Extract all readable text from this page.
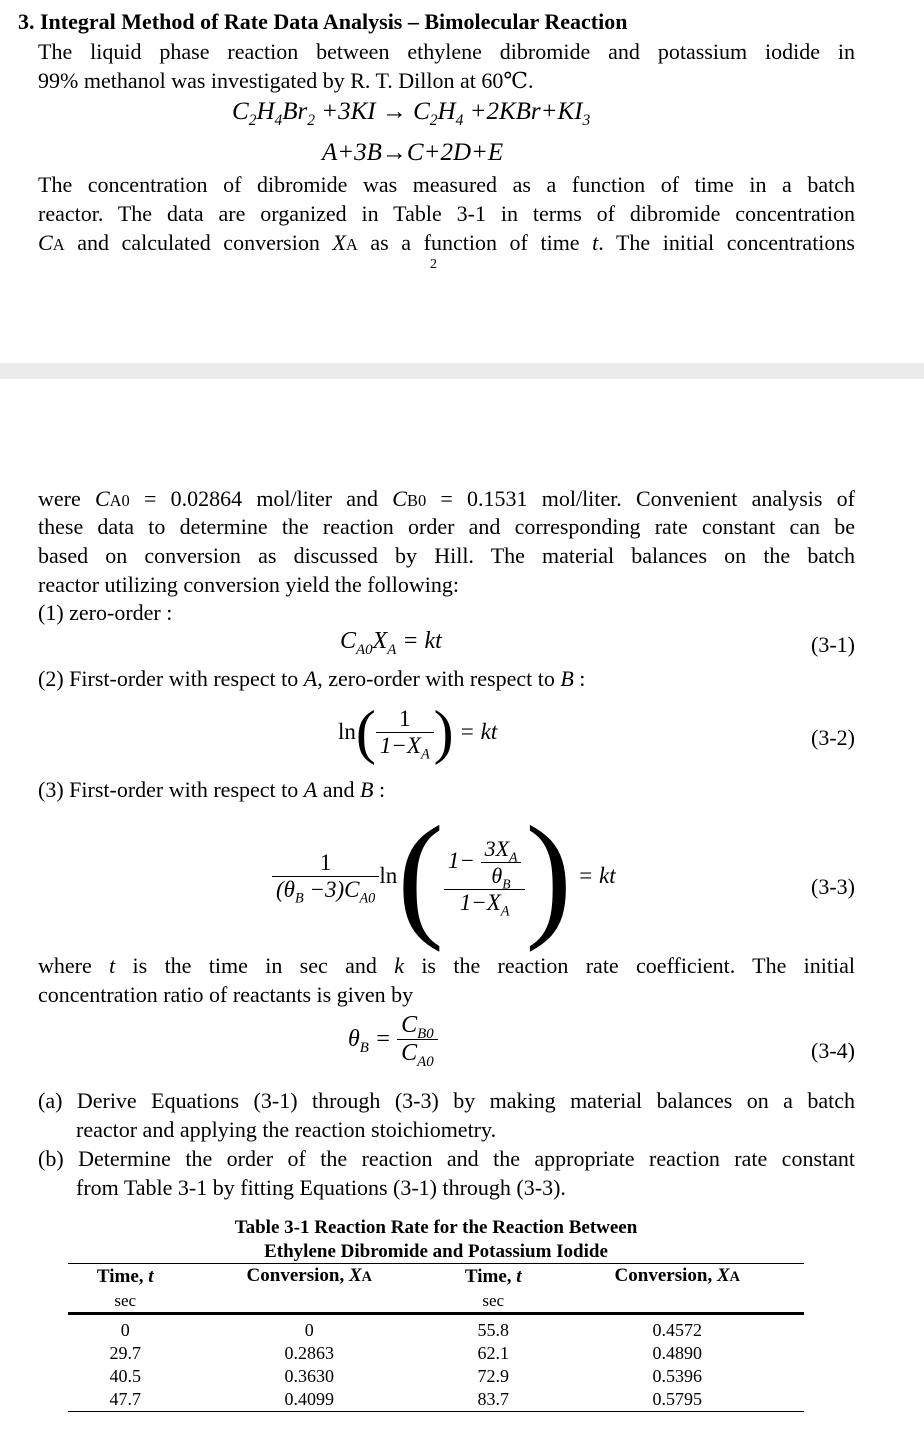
3. Integral Method of Rate Data Analysis – Bimolecular Reaction
The liquid phase reaction between ethylene dibromide and potassium iodide in
99% methanol was investigated by R. T. Dillon at 60℃.
$C_2H_4Br_2 +3KI \to C_2H_4 +2KBr+KI_3$
A+3B→C+2D+E
The concentration of dibromide was measured as a function of time in a batch
reactor. The data are organized in Table 3-1 in terms of dibromide concentration
CA and calculated conversion XA as a function of time t. The initial concentrations
2
were CA0 = 0.02864 mol/liter and CB0 = 0.1531 mol/liter. Convenient analysis of
these data to determine the reaction order and corresponding rate constant can be
based on conversion as discussed by Hill. The material balances on the batch
reactor utilizing conversion yield the following:
(1) zero-order :
$C_{A0}X_A$ = kt	(3-1)
(2) First-order with respect to A, zero-order with respect to B :
$\ln( \frac{1}{1-X_A}$ ) = kt	(3-2)
(3) First-order with respect to A and B :
$\frac{1}{(\theta_B -3)C_{A0}} \ln( \frac{1- \frac{3X_A}{\theta_B}}{1-X_A}$ ) = kt	(3-3)
where t is the time in sec and k is the reaction rate coefficient. The initial
concentration ratio of reactants is given by
$\theta_B = \frac{C_{B0}}{C_{A0}}$	(3-4)
(a) Derive Equations (3-1) through (3-3) by making material balances on a batch
reactor and applying the reaction stoichiometry.
(b) Determine the order of the reaction and the appropriate reaction rate constant
from Table 3-1 by fitting Equations (3-1) through (3-3).
Table 3-1 Reaction Rate for the Reaction Between
Ethylene Dibromide and Potassium Iodide
Time, t	Conversion, XA	Time, t	Conversion, XA
sec		sec	
0	0	55.8	0.4572
29.7	0.2863	62.1	0.4890
40.5	0.3630	72.9	0.5396
47.7	0.4099	83.7	0.5795
